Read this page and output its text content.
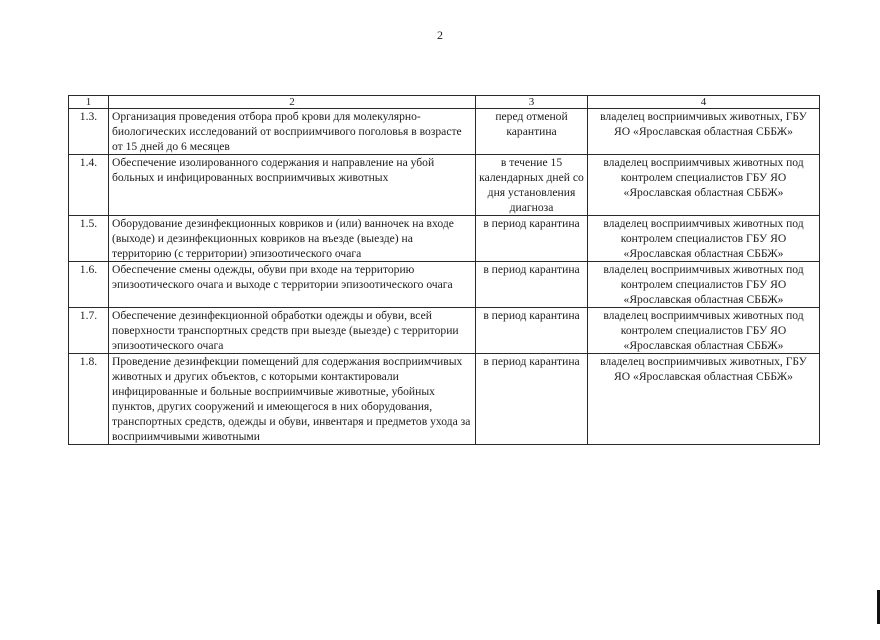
2
1	2	3	4
1.3.	Организация проведения отбора проб крови для молекулярно-биологических исследований от восприимчивого поголовья в возрасте от 15 дней до 6 месяцев	перед отменой карантина	владелец восприимчивых животных, ГБУ ЯО «Ярославская областная СББЖ»
1.4.	Обеспечение изолированного содержания и направление на убой больных и инфицированных восприимчивых животных	в течение 15 календарных дней со дня установления диагноза	владелец восприимчивых животных под контролем специалистов ГБУ ЯО «Ярославская областная СББЖ»
1.5.	Оборудование дезинфекционных ковриков и (или) ванночек на входе (выходе) и дезинфекционных ковриков на въезде (выезде) на территорию (с территории) эпизоотического очага	в период карантина	владелец восприимчивых животных под контролем специалистов ГБУ ЯО «Ярославская областная СББЖ»
1.6.	Обеспечение смены одежды, обуви при входе на территорию эпизоотического очага и выходе с территории эпизоотического очага	в период карантина	владелец восприимчивых животных под контролем специалистов ГБУ ЯО «Ярославская областная СББЖ»
1.7.	Обеспечение дезинфекционной обработки одежды и обуви, всей поверхности транспортных средств при выезде (выезде) с территории эпизоотического очага	в период карантина	владелец восприимчивых животных под контролем специалистов ГБУ ЯО «Ярославская областная СББЖ»
1.8.	Проведение дезинфекции помещений для содержания восприимчивых животных и других объектов, с которыми контактировали инфицированные и больные восприимчивые животные, убойных пунктов, других сооружений и имеющегося в них оборудования, транспортных средств, одежды и обуви, инвентаря и предметов ухода за восприимчивыми животными	в период карантина	владелец восприимчивых животных, ГБУ ЯО «Ярославская областная СББЖ»
